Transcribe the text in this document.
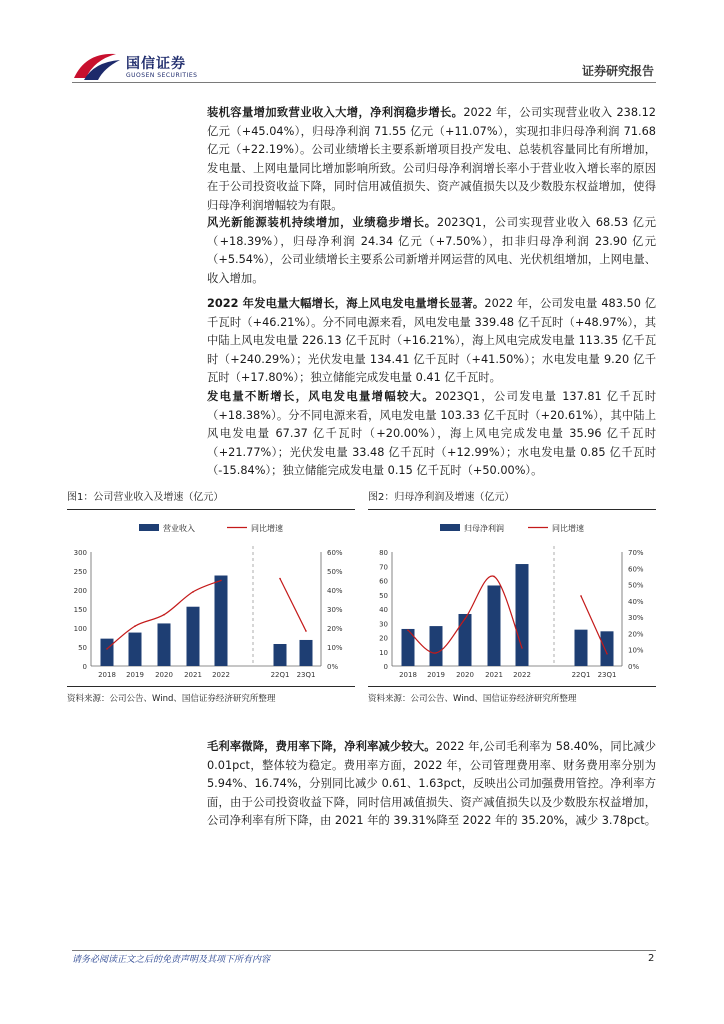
国信证券
GUOSEN SECURITIES	证券研究报告
装机容量增加致营业收入大增，净利润稳步增长。2022 年，公司实现营业收入 238.12 亿元（+45.04%），归母净利润 71.55 亿元（+11.07%），实现扣非归母净利润 71.68 亿元（+22.19%）。公司业绩增长主要系新增项目投产发电、总装机容量同比有所增加，发电量、上网电量同比增加影响所致。公司归母净利润增长率小于营业收入增长率的原因在于公司投资收益下降，同时信用减值损失、资产减值损失以及少数股东权益增加，使得归母净利润增幅较为有限。
风光新能源装机持续增加，业绩稳步增长。2023Q1，公司实现营业收入 68.53 亿元（+18.39%），归母净利润 24.34 亿元（+7.50%），扣非归母净利润 23.90 亿元（+5.54%），公司业绩增长主要系公司新增并网运营的风电、光伏机组增加，上网电量、收入增加。
2022 年发电量大幅增长，海上风电发电量增长显著。2022 年，公司发电量 483.50 亿千瓦时（+46.21%）。分不同电源来看，风电发电量 339.48 亿千瓦时（+48.97%），其中陆上风电发电量 226.13 亿千瓦时（+16.21%），海上风电完成发电量 113.35 亿千瓦时（+240.29%）；光伏发电量 134.41 亿千瓦时（+41.50%）；水电发电量 9.20 亿千瓦时（+17.80%）；独立储能完成发电量 0.41 亿千瓦时。
发电量不断增长，风电发电量增幅较大。2023Q1，公司发电量 137.81 亿千瓦时（+18.38%）。分不同电源来看，风电发电量 103.33 亿千瓦时（+20.61%），其中陆上风电发电量 67.37 亿千瓦时（+20.00%），海上风电完成发电量 35.96 亿千瓦时（+21.77%）；光伏发电量 33.48 亿千瓦时（+12.99%）；水电发电量 0.85 亿千瓦时（-15.84%）；独立储能完成发电量 0.15 亿千瓦时（+50.00%）。
图1：公司营业收入及增速（亿元）
营业收入	同比增速
0
50
100
150
200
250
300
0%
10%
20%
30%
40%
50%
60%
2018 2019 2020 2021 2022	22Q1 23Q1
资料来源：公司公告、Wind、国信证券经济研究所整理
图2：归母净利润及增速（亿元）
归母净利润	同比增速
0
10
20
30
40
50
60
70
80
0%
10%
20%
30%
40%
50%
60%
70%
2018 2019 2020 2021 2022	22Q1 23Q1
资料来源：公司公告、Wind、国信证券经济研究所整理
毛利率微降，费用率下降，净利率减少较大。2022 年,公司毛利率为 58.40%，同比减少 0.01pct，整体较为稳定。费用率方面，2022 年，公司管理费用率、财务费用率分别为 5.94%、16.74%，分别同比减少 0.61、1.63pct，反映出公司加强费用管控。净利率方面，由于公司投资收益下降，同时信用减值损失、资产减值损失以及少数股东权益增加，公司净利率有所下降，由 2021 年的 39.31%降至 2022 年的 35.20%，减少 3.78pct。
请务必阅读正文之后的免责声明及其项下所有内容	2
